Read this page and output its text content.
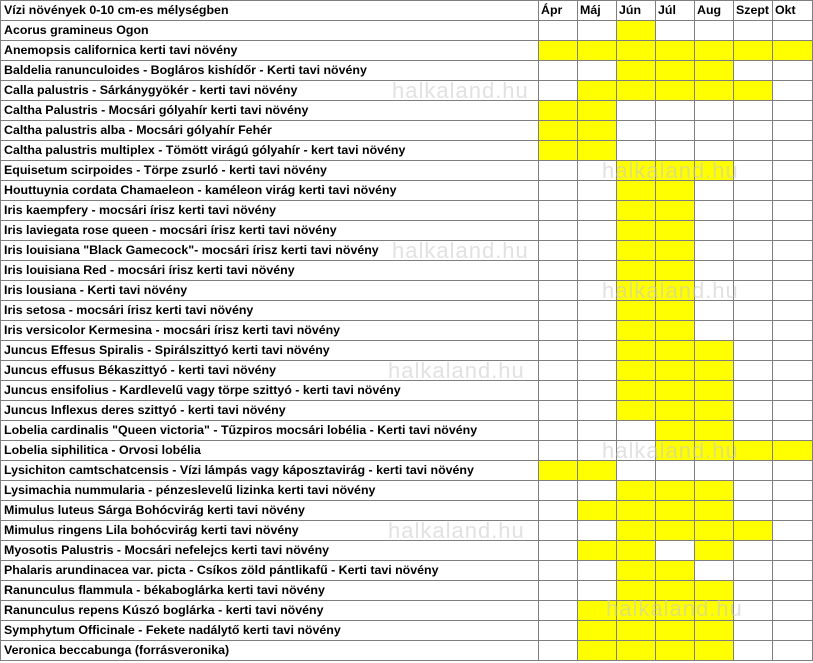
Vízi növények 0-10 cm-es mélységben	Ápr	Máj	Jún	Júl	Aug	Szept	Okt
Acorus gramineus Ogon							
Anemopsis californica kerti tavi növény							
Baldelia ranunculoides - Bogláros kishídőr - Kerti tavi növény							
Calla palustris - Sárkánygyökér - kerti tavi növény							
Caltha Palustris - Mocsári gólyahír kerti tavi növény							
Caltha palustris alba - Mocsári gólyahír Fehér							
Caltha palustris multiplex - Tömött virágú gólyahír - kert tavi növény							
Equisetum scirpoides - Törpe zsurló - kerti tavi növény							
Houttuynia cordata Chamaeleon - kaméleon virág kerti tavi növény							
Iris kaempfery - mocsári írisz kerti tavi növény							
Iris laviegata rose queen - mocsári írisz kerti tavi növény							
Iris louisiana "Black Gamecock"- mocsári írisz kerti tavi növény							
Iris louisiana Red - mocsári írisz kerti tavi növény							
Iris lousiana - Kerti tavi növény							
Iris setosa - mocsári írisz kerti tavi növény							
Iris versicolor Kermesina - mocsári írisz kerti tavi növény							
Juncus Effesus Spiralis - Spirálszittyó kerti tavi növény							
Juncus effusus Békaszittyó - kerti tavi növény							
Juncus ensifolius - Kardlevelű vagy törpe szittyó - kerti tavi növény							
Juncus Inflexus deres szittyó - kerti tavi növény							
Lobelia cardinalis "Queen victoria" - Tűzpiros mocsári lobélia - Kerti tavi növény							
Lobelia siphilitica - Orvosi lobélia							
Lysichiton camtschatcensis - Vízi lámpás vagy káposztavirág - kerti tavi növény							
Lysimachia nummularia - pénzeslevelű lizinka kerti tavi növény							
Mimulus luteus Sárga Bohócvirág kerti tavi növény							
Mimulus ringens Lila bohócvirág kerti tavi növény							
Myosotis Palustris - Mocsári nefelejcs kerti tavi növény							
Phalaris arundinacea var. picta - Csíkos zöld pántlikafű - Kerti tavi növény							
Ranunculus flammula - békaboglárka kerti tavi növény							
Ranunculus repens Kúszó boglárka - kerti tavi növény							
Symphytum Officinale - Fekete nadálytő kerti tavi növény							
Veronica beccabunga (forrásveronika)							
halkaland.hu
halkaland.hu
halkaland.hu
halkaland.hu
halkaland.hu
halkaland.hu
halkaland.hu
halkaland.hu
